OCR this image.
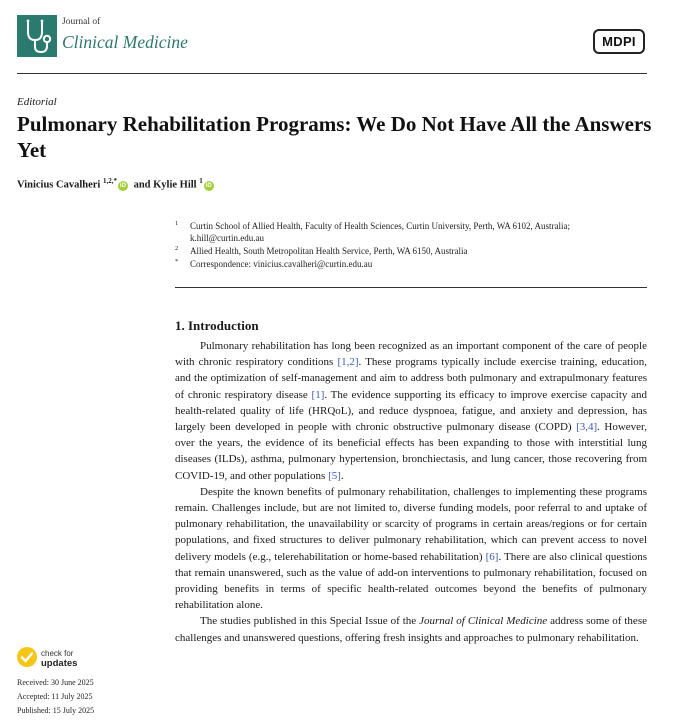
Journal of
Clinical Medicine	MDPI
Editorial
Pulmonary Rehabilitation Programs: We Do Not Have All the Answers Yet
Vinicius Cavalheri $^{1,2,*}$iD and Kylie Hill $^1$iD
1 Curtin School of Allied Health, Faculty of Health Sciences, Curtin University, Perth, WA 6102, Australia; k.hill@curtin.edu.au
2 Allied Health, South Metropolitan Health Service, Perth, WA 6150, Australia
* Correspondence: vinicius.cavalheri@curtin.edu.au
check for
updates
Received: 30 June 2025
Accepted: 11 July 2025
Published: 15 July 2025
1. Introduction

Pulmonary rehabilitation has long been recognized as an important component of the care of people with chronic respiratory conditions [1,2]. These programs typically include exercise training, education, and the optimization of self-management and aim to address both pulmonary and extrapulmonary features of chronic respiratory disease [1]. The evidence supporting its efficacy to improve exercise capacity and health-related quality of life (HRQoL), and reduce dyspnoea, fatigue, and anxiety and depression, has largely been developed in people with chronic obstructive pulmonary disease (COPD) [3,4]. However, over the years, the evidence of its beneficial effects has been expanding to those with interstitial lung diseases (ILDs), asthma, pulmonary hypertension, bronchiectasis, and lung cancer, those recovering from COVID-19, and other populations [5].

Despite the known benefits of pulmonary rehabilitation, challenges to implementing these programs remain. Challenges include, but are not limited to, diverse funding models, poor referral to and uptake of pulmonary rehabilitation, the unavailability or scarcity of programs in certain areas/regions or for certain populations, and fixed structures to deliver pulmonary rehabilitation, which can prevent access to novel delivery models (e.g., telerehabilitation or home-based rehabilitation) [6]. There are also clinical questions that remain unanswered, such as the value of add-on interventions to pulmonary rehabilitation, focused on providing benefits in terms of specific health-related outcomes beyond the benefits of pulmonary rehabilitation alone.

The studies published in this Special Issue of the Journal of Clinical Medicine address some of these challenges and unanswered questions, offering fresh insights and approaches to pulmonary rehabilitation.
